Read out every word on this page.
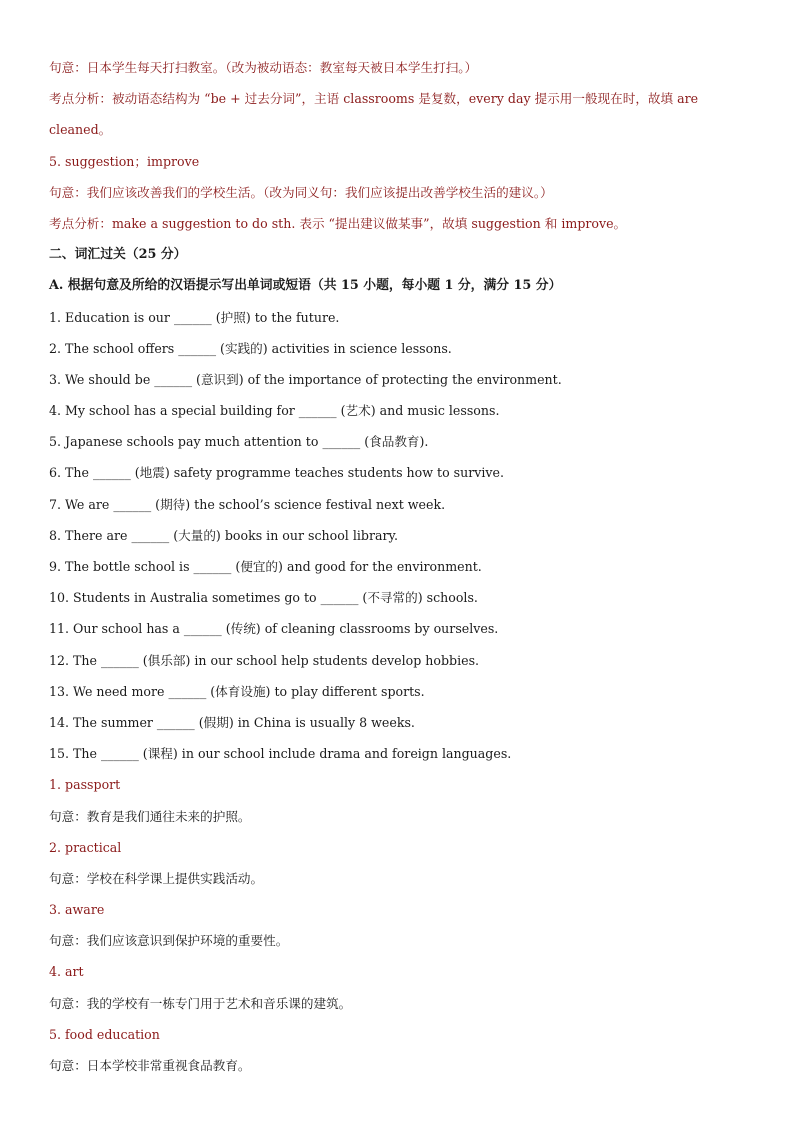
句意：日本学生每天打扫教室。（改为被动语态：教室每天被日本学生打扫。）
考点分析：被动语态结构为 “be + 过去分词”，主语 classrooms 是复数，every day 提示用一般现在时，故填 are
cleaned。
5. suggestion；improve
句意：我们应该改善我们的学校生活。（改为同义句：我们应该提出改善学校生活的建议。）
考点分析：make a suggestion to do sth. 表示 “提出建议做某事”，故填 suggestion 和 improve。
二、词汇过关（25 分）
A. 根据句意及所给的汉语提示写出单词或短语（共 15 小题，每小题 1 分，满分 15 分）
1. Education is our ______ (护照) to the future.
2. The school offers ______ (实践的) activities in science lessons.
3. We should be ______ (意识到) of the importance of protecting the environment.
4. My school has a special building for ______ (艺术) and music lessons.
5. Japanese schools pay much attention to ______ (食品教育).
6. The ______ (地震) safety programme teaches students how to survive.
7. We are ______ (期待) the school’s science festival next week.
8. There are ______ (大量的) books in our school library.
9. The bottle school is ______ (便宜的) and good for the environment.
10. Students in Australia sometimes go to ______ (不寻常的) schools.
11. Our school has a ______ (传统) of cleaning classrooms by ourselves.
12. The ______ (俱乐部) in our school help students develop hobbies.
13. We need more ______ (体育设施) to play different sports.
14. The summer ______ (假期) in China is usually 8 weeks.
15. The ______ (课程) in our school include drama and foreign languages.
1. passport
句意：教育是我们通往未来的护照。
2. practical
句意：学校在科学课上提供实践活动。
3. aware
句意：我们应该意识到保护环境的重要性。
4. art
句意：我的学校有一栋专门用于艺术和音乐课的建筑。
5. food education
句意：日本学校非常重视食品教育。
